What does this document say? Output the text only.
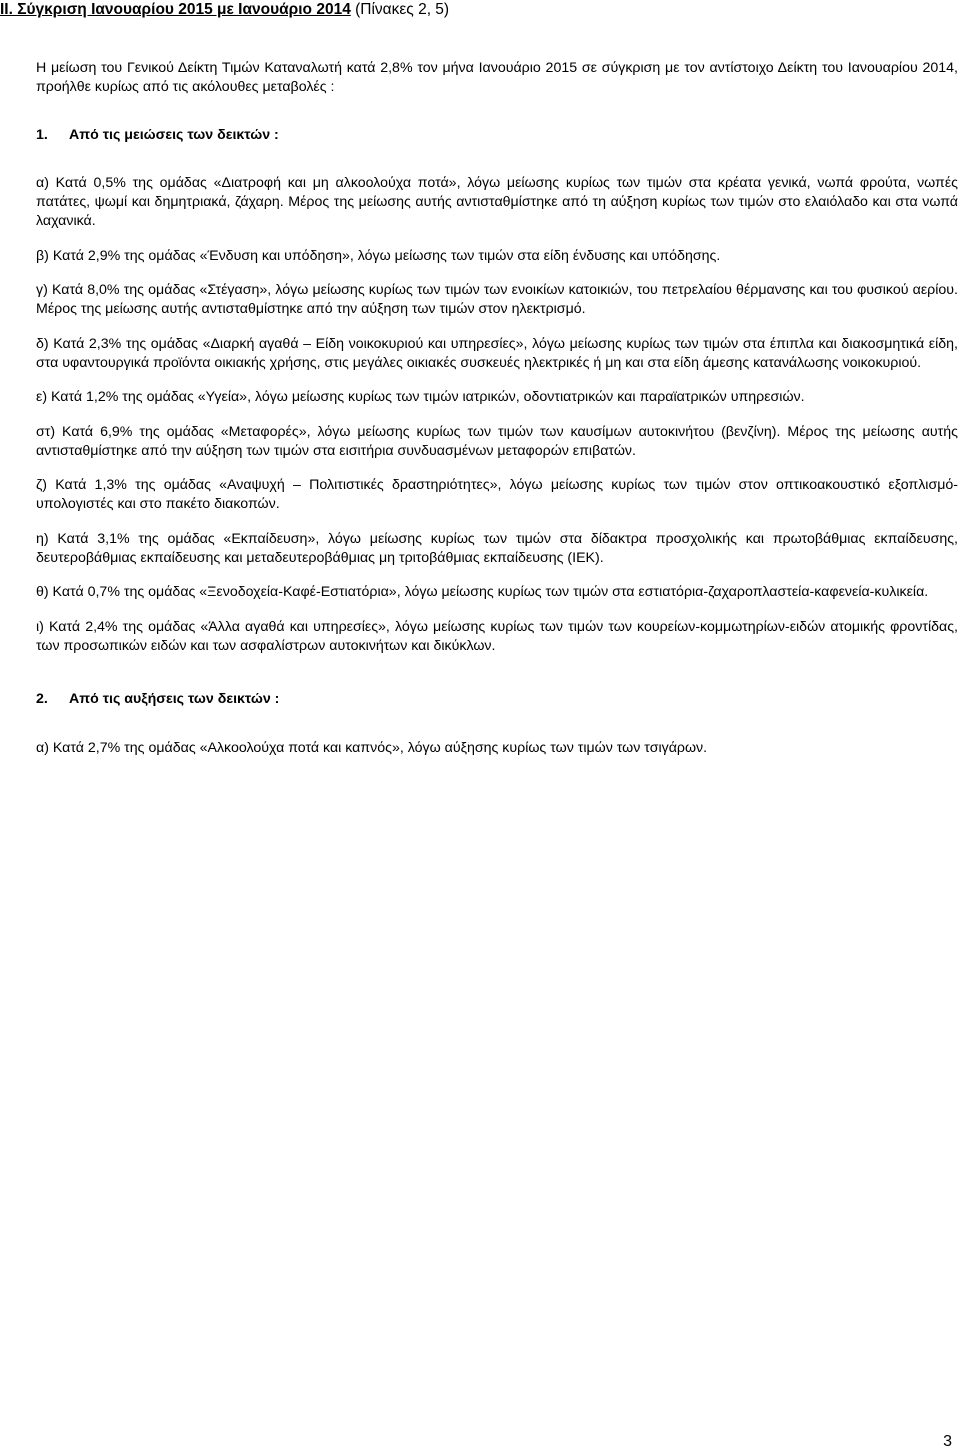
ΙΙ. Σύγκριση Ιανουαρίου 2015 με Ιανουάριο 2014 (Πίνακες 2, 5)

Η μείωση του Γενικού Δείκτη Τιμών Καταναλωτή κατά 2,8% τον μήνα Ιανουάριο 2015 σε σύγκριση με τον αντίστοιχο Δείκτη του Ιανουαρίου 2014, προήλθε κυρίως από τις ακόλουθες μεταβολές :

1.	Από τις μειώσεις των δεικτών :

α) Κατά 0,5% της ομάδας «Διατροφή και μη αλκοολούχα ποτά», λόγω μείωσης κυρίως των τιμών στα κρέατα γενικά, νωπά φρούτα, νωπές πατάτες, ψωμί και δημητριακά, ζάχαρη. Μέρος της μείωσης αυτής αντισταθμίστηκε από τη αύξηση κυρίως των τιμών στο ελαιόλαδο και στα νωπά λαχανικά.

β) Κατά 2,9% της ομάδας «Ένδυση και υπόδηση», λόγω μείωσης των τιμών στα είδη ένδυσης και υπόδησης.

γ) Κατά 8,0% της ομάδας «Στέγαση», λόγω μείωσης κυρίως των τιμών των ενοικίων κατοικιών, του πετρελαίου θέρμανσης και του φυσικού αερίου. Μέρος της μείωσης αυτής αντισταθμίστηκε από την αύξηση των τιμών στον ηλεκτρισμό.

δ) Κατά 2,3% της ομάδας «Διαρκή αγαθά – Είδη νοικοκυριού και υπηρεσίες», λόγω μείωσης κυρίως των τιμών στα έπιπλα και διακοσμητικά είδη, στα υφαντουργικά προϊόντα οικιακής χρήσης, στις μεγάλες οικιακές συσκευές ηλεκτρικές ή μη και στα είδη άμεσης κατανάλωσης νοικοκυριού.

ε) Κατά 1,2% της ομάδας «Υγεία», λόγω μείωσης κυρίως των τιμών ιατρικών, οδοντιατρικών και παραϊατρικών υπηρεσιών.

στ) Κατά 6,9% της ομάδας «Μεταφορές», λόγω μείωσης κυρίως των τιμών των καυσίμων αυτοκινήτου (βενζίνη). Μέρος της μείωσης αυτής αντισταθμίστηκε από την αύξηση των τιμών στα εισιτήρια συνδυασμένων μεταφορών επιβατών.

ζ) Κατά 1,3% της ομάδας «Αναψυχή – Πολιτιστικές δραστηριότητες», λόγω μείωσης κυρίως των τιμών στον οπτικοακουστικό εξοπλισμό-υπολογιστές και στο πακέτο διακοπών.

η) Κατά 3,1% της ομάδας «Εκπαίδευση», λόγω μείωσης κυρίως των τιμών στα δίδακτρα προσχολικής και πρωτοβάθμιας εκπαίδευσης, δευτεροβάθμιας εκπαίδευσης και μεταδευτεροβάθμιας μη τριτοβάθμιας εκπαίδευσης (ΙΕΚ).

θ) Κατά 0,7% της ομάδας «Ξενοδοχεία-Καφέ-Εστιατόρια», λόγω μείωσης κυρίως των τιμών στα εστιατόρια-ζαχαροπλαστεία-καφενεία-κυλικεία.

ι) Κατά 2,4% της ομάδας «Άλλα αγαθά και υπηρεσίες», λόγω μείωσης κυρίως των τιμών των κουρείων-κομμωτηρίων-ειδών ατομικής φροντίδας, των προσωπικών ειδών και των ασφαλίστρων αυτοκινήτων και δικύκλων.

2.	Από τις αυξήσεις των δεικτών :

α) Κατά 2,7% της ομάδας «Αλκοολούχα ποτά και καπνός», λόγω αύξησης κυρίως των τιμών των τσιγάρων.

3
